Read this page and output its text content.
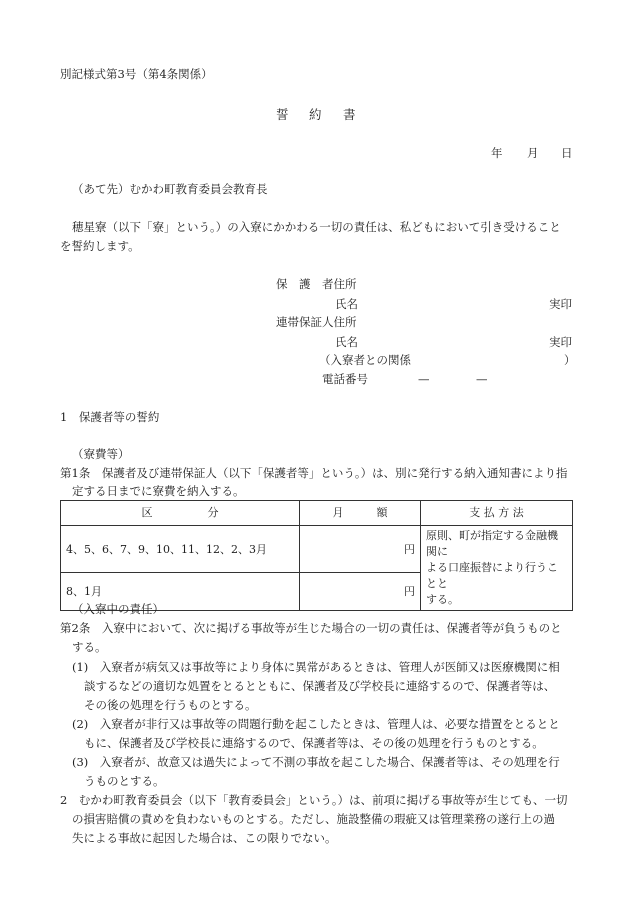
別記様式第3号（第4条関係）
誓 約 書
年 月 日
（あて先）むかわ町教育委員会教育長
穂星寮（以下「寮」という。）の入寮にかかわる一切の責任は、私どもにおいて引き受けること
を誓約します。
保　護　者住所
氏名	実印
連帯保証人住所
氏名	実印
（入寮者との関係	）
電話番号	—	—
1　保護者等の誓約
（寮費等）
第1条　保護者及び連帯保証人（以下「保護者等」という。）は、別に発行する納入通知書により指
定する日までに寮費を納入する。
区　　　　　分	月　　　額	支 払 方 法
4、5、6、7、9、10、11、12、2、3月	円	原則、町が指定する金融機関に
よる口座振替により行うことと
する。

8、1月	円	
（入寮中の責任）
第2条　入寮中において、次に掲げる事故等が生じた場合の一切の責任は、保護者等が負うものと
する。
(1)　入寮者が病気又は事故等により身体に異常があるときは、管理人が医師又は医療機関に相
談するなどの適切な処置をとるとともに、保護者及び学校長に連絡するので、保護者等は、
その後の処理を行うものとする。
(2)　入寮者が非行又は事故等の問題行動を起こしたときは、管理人は、必要な措置をとるとと
もに、保護者及び学校長に連絡するので、保護者等は、その後の処理を行うものとする。
(3)　入寮者が、故意又は過失によって不測の事故を起こした場合、保護者等は、その処理を行
うものとする。
2　むかわ町教育委員会（以下「教育委員会」という。）は、前項に掲げる事故等が生じても、一切
の損害賠償の責めを負わないものとする。ただし、施設整備の瑕疵又は管理業務の遂行上の過
失による事故に起因した場合は、この限りでない。
